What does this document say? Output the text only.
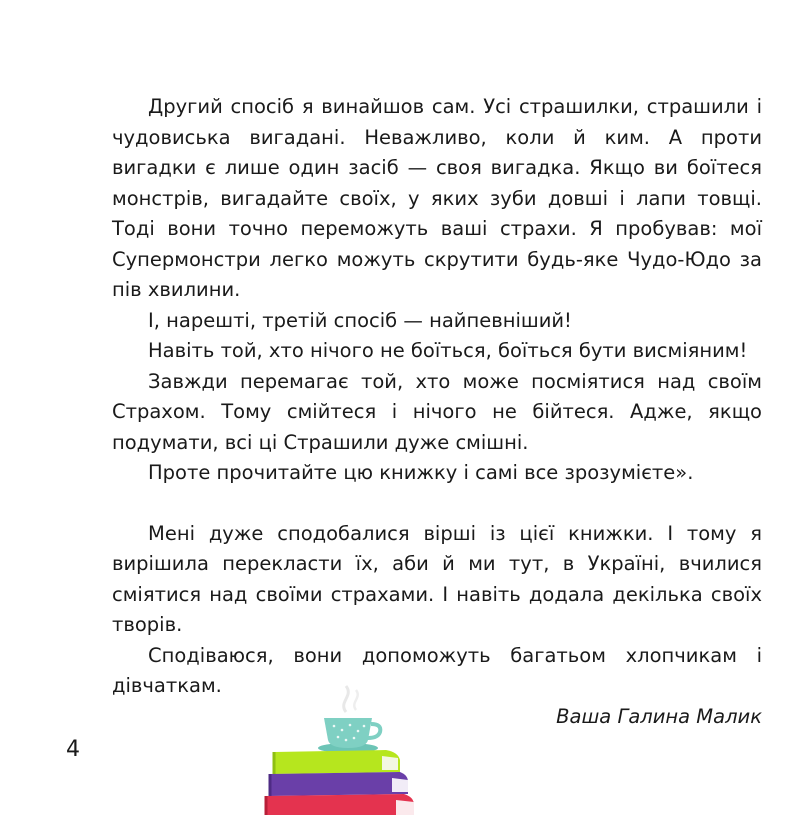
Другий спосіб я винайшов сам. Усі страшилки, страшили і чудовиська вигадані. Неважливо, коли й ким. А проти вигадки є лише один засіб — своя вигадка. Якщо ви боїтеся монстрів, вигадайте своїх, у яких зуби довші і лапи товщі. Тоді вони точно переможуть ваші страхи. Я пробував: мої Супермонстри легко можуть скрутити будь-яке Чудо-Юдо за пів хвилини.

І, нарешті, третій спосіб — найпевніший!

Навіть той, хто нічого не боїться, боїться бути висміяним!

Завжди перемагає той, хто може посміятися над своїм Страхом. Тому смійтеся і нічого не бійтеся. Адже, якщо подумати, всі ці Страшили дуже смішні.

Проте прочитайте цю книжку і самі все зрозумієте».

Мені дуже сподобалися вірші із цієї книжки. І тому я вирішила перекласти їх, аби й ми тут, в Україні, вчилися сміятися над своїми страхами. І навіть додала декілька своїх творів.

Сподіваюся, вони допоможуть багатьом хлопчикам і дівчаткам.

Ваша Галина Малик

4
